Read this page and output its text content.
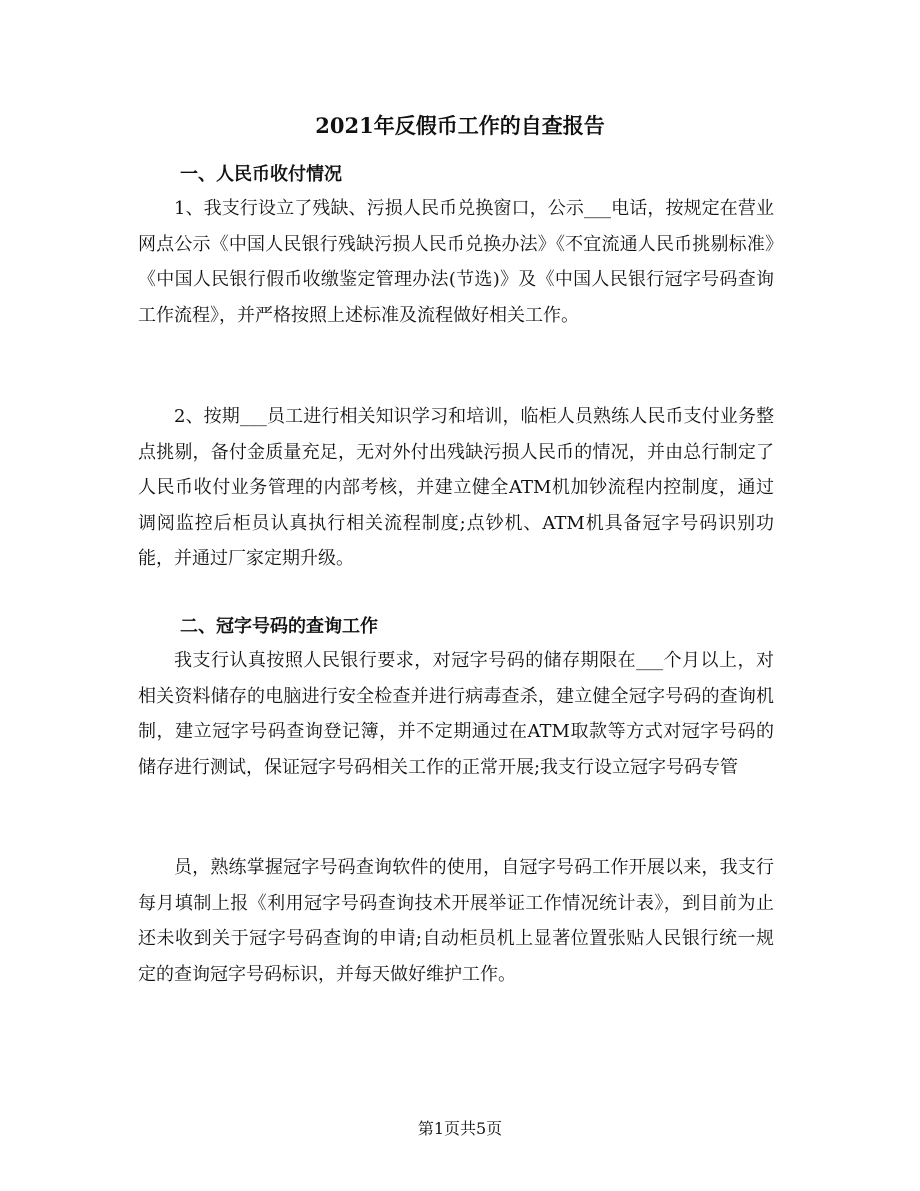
2021年反假币工作的自查报告
一、人民币收付情况

1、我支行设立了残缺、污损人民币兑换窗口，公示___电话，按规定在营业网点公示《中国人民银行残缺污损人民币兑换办法》《不宜流通人民币挑剔标准》《中国人民银行假币收缴鉴定管理办法(节选)》及《中国人民银行冠字号码查询工作流程》，并严格按照上述标准及流程做好相关工作。

2、按期___员工进行相关知识学习和培训，临柜人员熟练人民币支付业务整点挑剔，备付金质量充足，无对外付出残缺污损人民币的情况，并由总行制定了人民币收付业务管理的内部考核，并建立健全ATM机加钞流程内控制度，通过调阅监控后柜员认真执行相关流程制度;点钞机、ATM机具备冠字号码识别功能，并通过厂家定期升级。

二、冠字号码的查询工作

我支行认真按照人民银行要求，对冠字号码的储存期限在___个月以上，对相关资料储存的电脑进行安全检查并进行病毒查杀，建立健全冠字号码的查询机制，建立冠字号码查询登记簿，并不定期通过在ATM取款等方式对冠字号码的储存进行测试，保证冠字号码相关工作的正常开展;我支行设立冠字号码专管

员，熟练掌握冠字号码查询软件的使用，自冠字号码工作开展以来，我支行每月填制上报《利用冠字号码查询技术开展举证工作情况统计表》，到目前为止还未收到关于冠字号码查询的申请;自动柜员机上显著位置张贴人民银行统一规定的查询冠字号码标识，并每天做好维护工作。

第1页共5页
